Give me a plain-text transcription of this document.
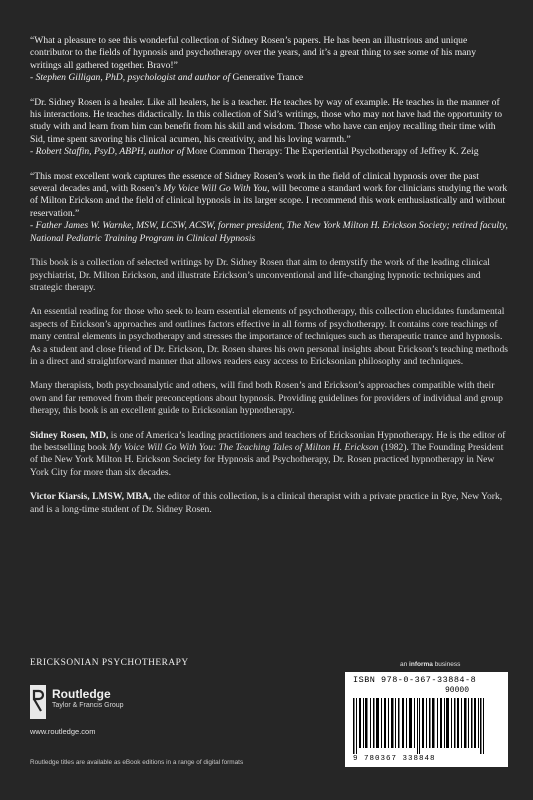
“What a pleasure to see this wonderful collection of Sidney Rosen’s papers. He has been an illustrious and unique contributor to the fields of hypnosis and psychotherapy over the years, and it’s a great thing to see some of his many writings all gathered together. Bravo!”
- Stephen Gilligan, PhD, psychologist and author of Generative Trance

“Dr. Sidney Rosen is a healer. Like all healers, he is a teacher. He teaches by way of example. He teaches in the manner of his interactions. He teaches didactically. In this collection of Sid’s writings, those who may not have had the opportunity to study with and learn from him can benefit from his skill and wisdom. Those who have can enjoy recalling their time with Sid, time spent savoring his clinical acumen, his creativity, and his loving warmth.”
- Robert Staffin, PsyD, ABPH, author of More Common Therapy: The Experiential Psychotherapy of Jeffrey K. Zeig

“This most excellent work captures the essence of Sidney Rosen’s work in the field of clinical hypnosis over the past several decades and, with Rosen’s My Voice Will Go With You, will become a standard work for clinicians studying the work of Milton Erickson and the field of clinical hypnosis in its larger scope. I recommend this work enthusiastically and without reservation.”
- Father James W. Warnke, MSW, LCSW, ACSW, former president, The New York Milton H. Erickson Society; retired faculty, National Pediatric Training Program in Clinical Hypnosis

This book is a collection of selected writings by Dr. Sidney Rosen that aim to demystify the work of the leading clinical psychiatrist, Dr. Milton Erickson, and illustrate Erickson’s unconventional and life-changing hypnotic techniques and strategic therapy.

An essential reading for those who seek to learn essential elements of psychotherapy, this collection elucidates fundamental aspects of Erickson’s approaches and outlines factors effective in all forms of psychotherapy. It contains core teachings of many central elements in psychotherapy and stresses the importance of techniques such as therapeutic trance and hypnosis. As a student and close friend of Dr. Erickson, Dr. Rosen shares his own personal insights about Erickson’s teaching methods in a direct and straightforward manner that allows readers easy access to Ericksonian philosophy and techniques.

Many therapists, both psychoanalytic and others, will find both Rosen’s and Erickson’s approaches compatible with their own and far removed from their preconceptions about hypnosis. Providing guidelines for providers of individual and group therapy, this book is an excellent guide to Ericksonian hypnotherapy.

Sidney Rosen, MD, is one of America’s leading practitioners and teachers of Ericksonian Hypnotherapy. He is the editor of the bestselling book My Voice Will Go With You: The Teaching Tales of Milton H. Erickson (1982). The Founding President of the New York Milton H. Erickson Society for Hypnosis and Psychotherapy, Dr. Rosen practiced hypnotherapy in New York City for more than six decades.

Victor Kiarsis, LMSW, MBA, the editor of this collection, is a clinical therapist with a private practice in Rye, New York, and is a long-time student of Dr. Sidney Rosen.

ERICKSONIAN PSYCHOTHERAPY
Routledge
Taylor & Francis Group
www.routledge.com
Routledge titles are available as eBook editions in a range of digital formats
an informa business
ISBN 978-0-367-33884-8
90000
9 780367 338848
